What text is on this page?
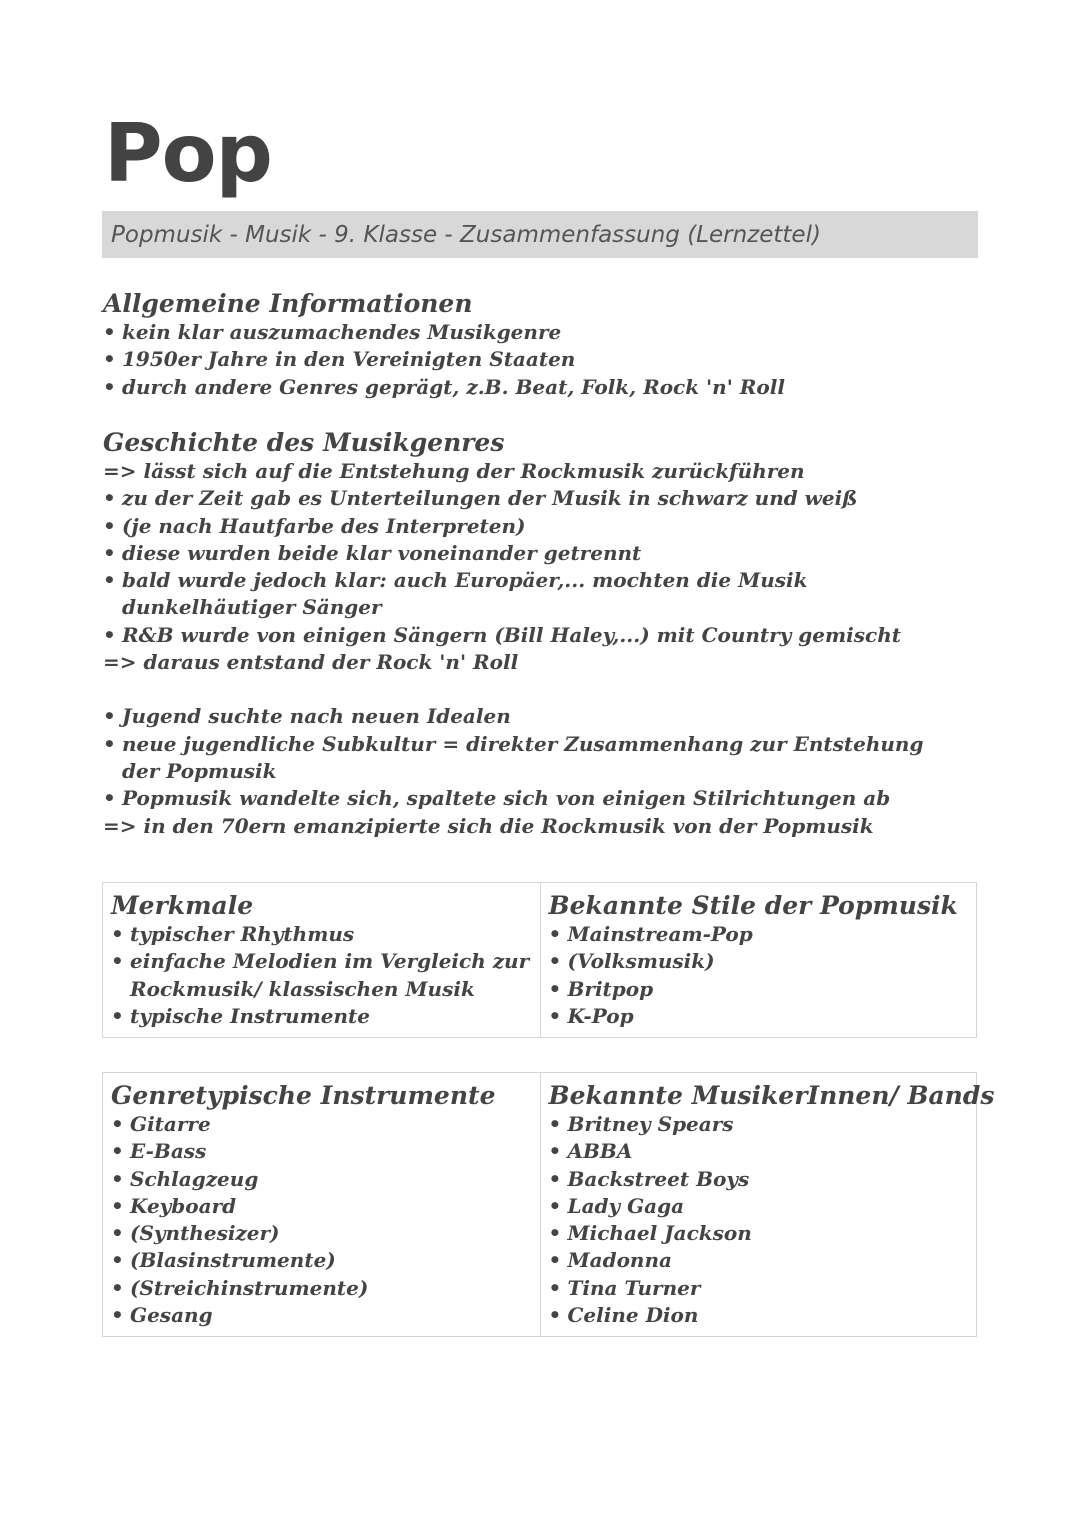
Pop
Popmusik - Musik - 9. Klasse - Zusammenfassung (Lernzettel)
Allgemeine Informationen
• kein klar auszumachendes Musikgenre
• 1950er Jahre in den Vereinigten Staaten
• durch andere Genres geprägt, z.B. Beat, Folk, Rock 'n' Roll
Geschichte des Musikgenres
=> lässt sich auf die Entstehung der Rockmusik zurückführen
• zu der Zeit gab es Unterteilungen der Musik in schwarz und weiß
• (je nach Hautfarbe des Interpreten)
• diese wurden beide klar voneinander getrennt
• bald wurde jedoch klar: auch Europäer,... mochten die Musik dunkelhäutiger Sänger
• R&B wurde von einigen Sängern (Bill Haley,...) mit Country gemischt
=> daraus entstand der Rock 'n' Roll
• Jugend suchte nach neuen Idealen
• neue jugendliche Subkultur = direkter Zusammenhang zur Entstehung der Popmusik
• Popmusik wandelte sich, spaltete sich von einigen Stilrichtungen ab
=> in den 70ern emanzipierte sich die Rockmusik von der Popmusik
Merkmale
• typischer Rhythmus
• einfache Melodien im Vergleich zur Rockmusik/ klassischen Musik
• typische Instrumente
Bekannte Stile der Popmusik
• Mainstream-Pop
• (Volksmusik)
• Britpop
• K-Pop
Genretypische Instrumente
• Gitarre
• E-Bass
• Schlagzeug
• Keyboard
• (Synthesizer)
• (Blasinstrumente)
• (Streichinstrumente)
• Gesang
Bekannte MusikerInnen/ Bands
• Britney Spears
• ABBA
• Backstreet Boys
• Lady Gaga
• Michael Jackson
• Madonna
• Tina Turner
• Celine Dion
